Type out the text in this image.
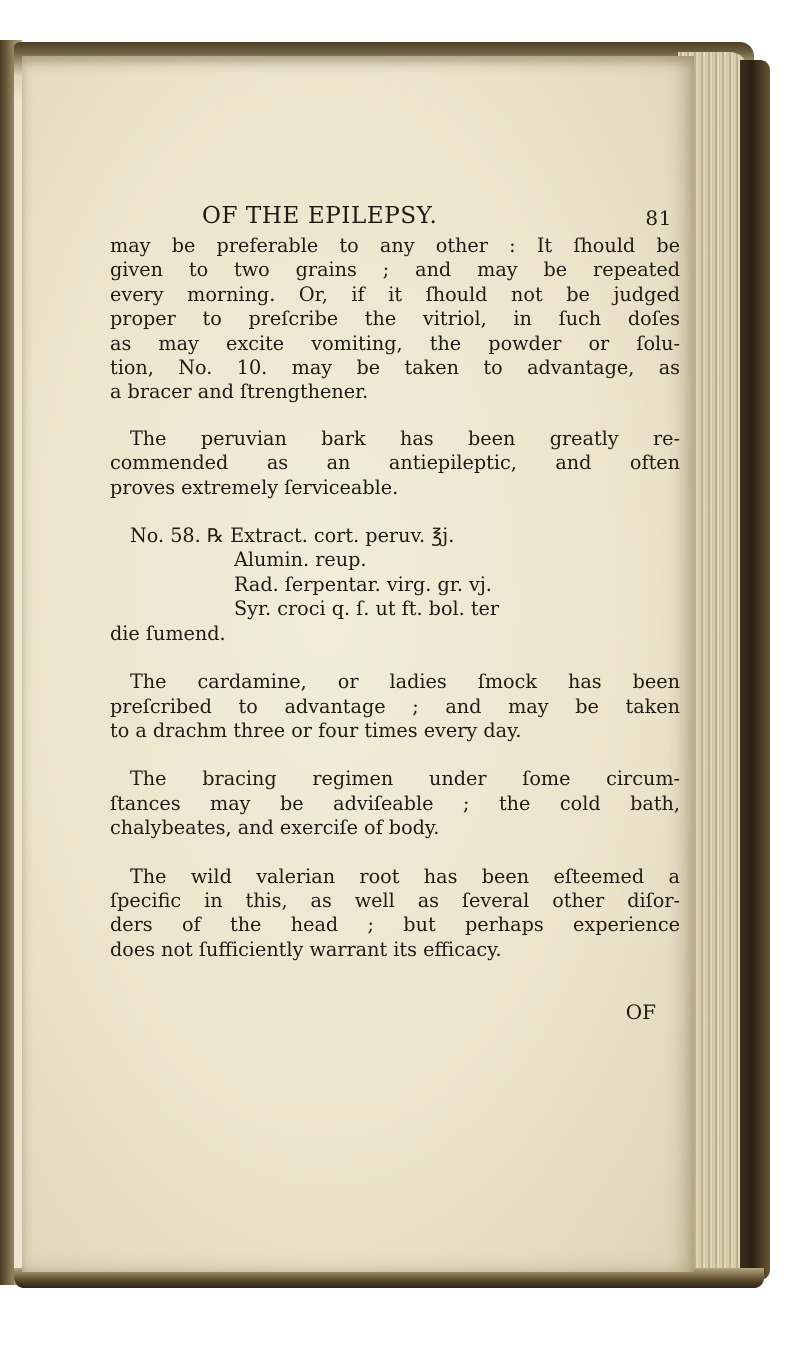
OF THE EPILEPSY.	81

may be preferable to any other : It ſhould be
given to two grains ; and may be repeated
every morning. Or, if it ſhould not be judged
proper to preſcribe the vitriol, in ſuch doſes
as may excite vomiting, the powder or ſolu-
tion, No. 10. may be taken to advantage, as
a bracer and ſtrengthener.

The peruvian bark has been greatly re-
commended as an antiepileptic, and often
proves extremely ſerviceable.

No. 58. ℞ Extract. cort. peruv. ℥j.
Alumin. reup.
Rad. ſerpentar. virg. gr. vj.
Syr. croci q. ſ. ut ft. bol. ter
die ſumend.

The cardamine, or ladies ſmock has been
preſcribed to advantage ; and may be taken
to a drachm three or four times every day.

The bracing regimen under ſome circum-
ſtances may be adviſeable ; the cold bath,
chalybeates, and exerciſe of body.

The wild valerian root has been eſteemed a
ſpecific in this, as well as ſeveral other diſor-
ders of the head ; but perhaps experience
does not ſufficiently warrant its efficacy.

OF
